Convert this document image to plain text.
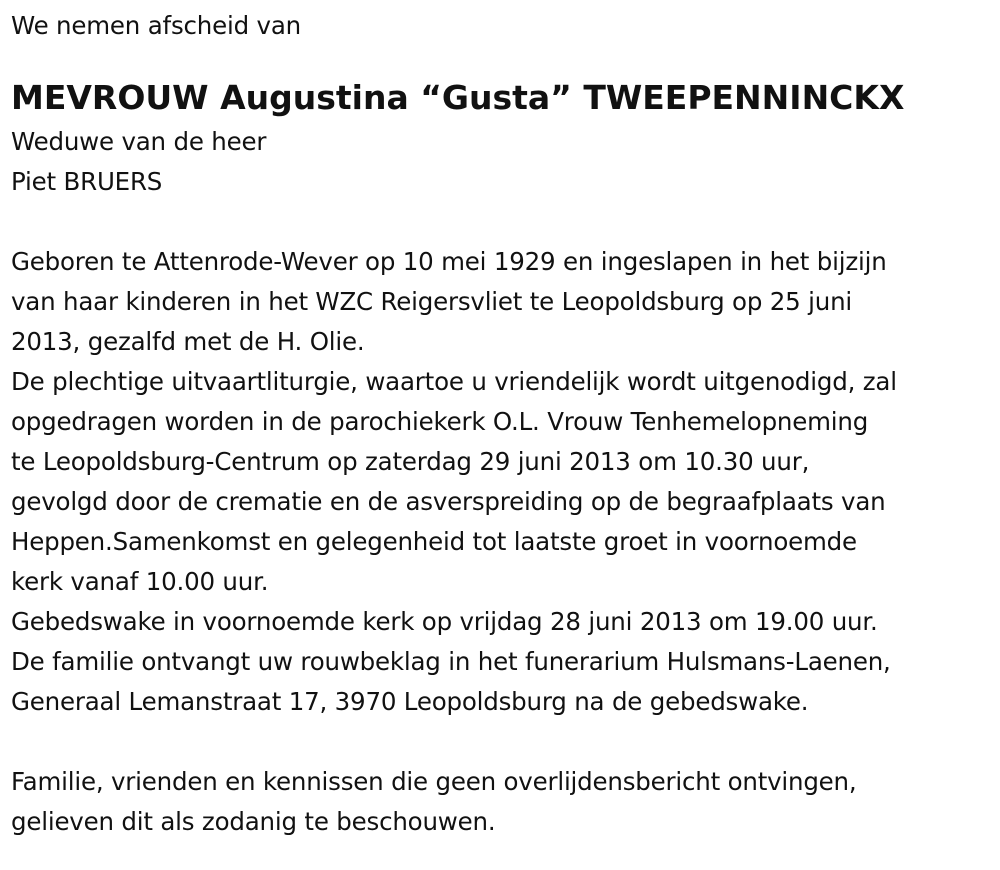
We nemen afscheid van
MEVROUW Augustina “Gusta” TWEEPENNINCKX
Weduwe van de heer
Piet BRUERS
Geboren te Attenrode-Wever op 10 mei 1929 en ingeslapen in het bijzijn
van haar kinderen in het WZC Reigersvliet te Leopoldsburg op 25 juni
2013, gezalfd met de H. Olie.
De plechtige uitvaartliturgie, waartoe u vriendelijk wordt uitgenodigd, zal
opgedragen worden in de parochiekerk O.L. Vrouw Tenhemelopneming
te Leopoldsburg-Centrum op zaterdag 29 juni 2013 om 10.30 uur,
gevolgd door de crematie en de asverspreiding op de begraafplaats van
Heppen.Samenkomst en gelegenheid tot laatste groet in voornoemde
kerk vanaf 10.00 uur.
Gebedswake in voornoemde kerk op vrijdag 28 juni 2013 om 19.00 uur.
De familie ontvangt uw rouwbeklag in het funerarium Hulsmans-Laenen,
Generaal Lemanstraat 17, 3970 Leopoldsburg na de gebedswake.
Familie, vrienden en kennissen die geen overlijdensbericht ontvingen,
gelieven dit als zodanig te beschouwen.
